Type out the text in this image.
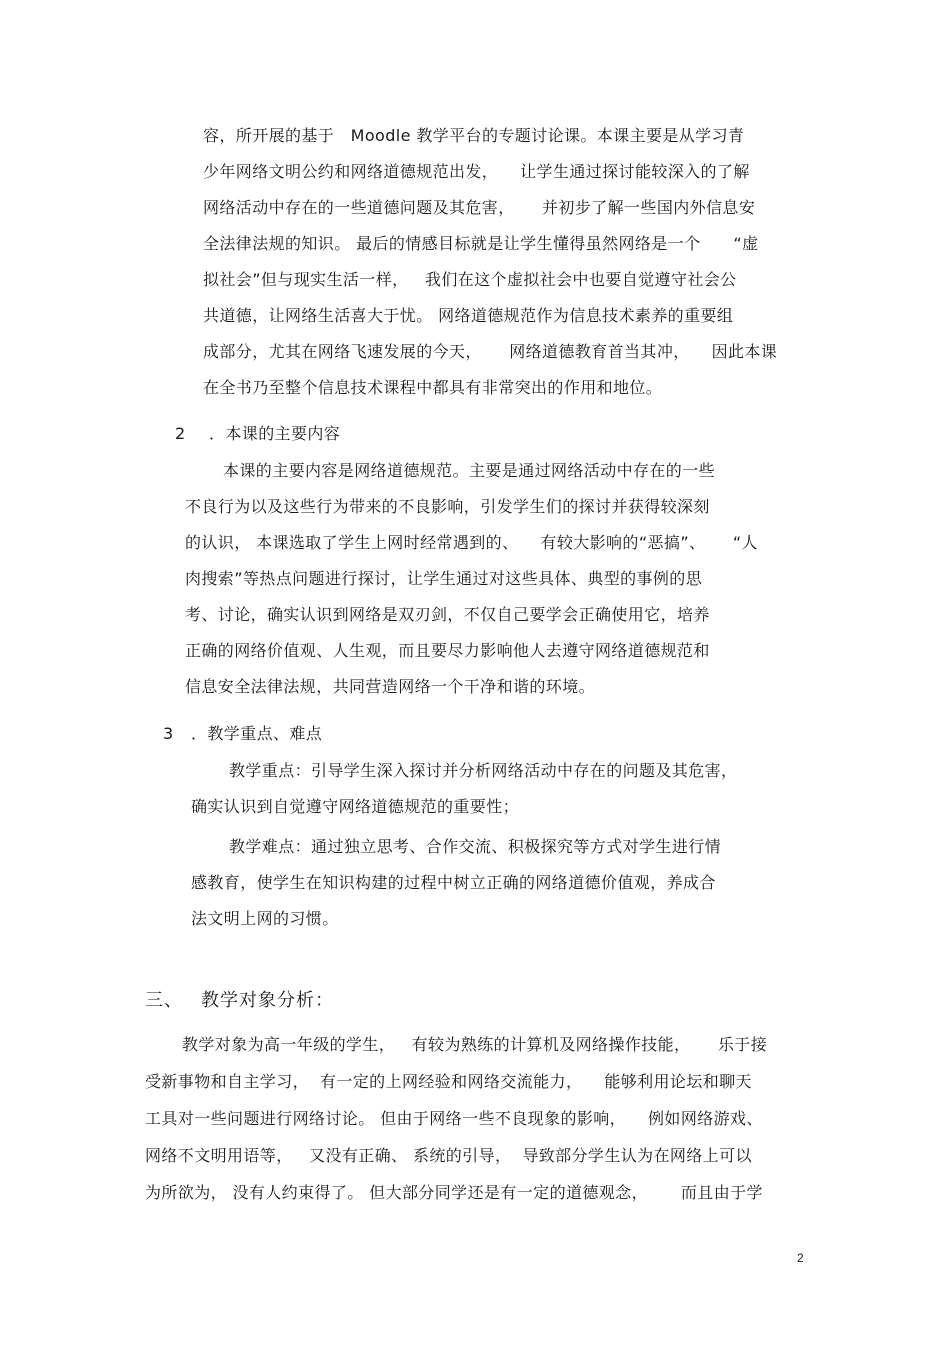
容，所开展的基于   Moodle 教学平台的专题讨论课。本课主要是从学习青
少年网络文明公约和网络道德规范出发，    让学生通过探讨能较深入的了解
网络活动中存在的一些道德问题及其危害，     并初步了解一些国内外信息安
全法律法规的知识。 最后的情感目标就是让学生懂得虽然网络是一个      “虚
拟社会”但与现实生活一样，   我们在这个虚拟社会中也要自觉遵守社会公
共道德，让网络生活喜大于忧。 网络道德规范作为信息技术素养的重要组
成部分，尤其在网络飞速发展的今天，     网络道德教育首当其冲，    因此本课
在全书乃至整个信息技术课程中都具有非常突出的作用和地位。
2 ．本课的主要内容
本课的主要内容是网络道德规范。主要是通过网络活动中存在的一些
不良行为以及这些行为带来的不良影响，引发学生们的探讨并获得较深刻
的认识， 本课选取了学生上网时经常遇到的、    有较大影响的“恶搞”、     “人
肉搜索”等热点问题进行探讨，让学生通过对这些具体、典型的事例的思
考、讨论，确实认识到网络是双刃剑，不仅自己要学会正确使用它，培养
正确的网络价值观、人生观，而且要尽力影响他人去遵守网络道德规范和
信息安全法律法规，共同营造网络一个干净和谐的环境。
3 ．教学重点、难点
教学重点：引导学生深入探讨并分析网络活动中存在的问题及其危害，
确实认识到自觉遵守网络道德规范的重要性；
教学难点：通过独立思考、合作交流、积极探究等方式对学生进行情
感教育，使学生在知识构建的过程中树立正确的网络道德价值观，养成合
法文明上网的习惯。
三、 教学对象分析：
教学对象为高一年级的学生，   有较为熟练的计算机及网络操作技能，     乐于接
受新事物和自主学习，  有一定的上网经验和网络交流能力，    能够利用论坛和聊天
工具对一些问题进行网络讨论。 但由于网络一些不良现象的影响，    例如网络游戏、
网络不文明用语等，   又没有正确、 系统的引导，  导致部分学生认为在网络上可以
为所欲为， 没有人约束得了。 但大部分同学还是有一定的道德观念，      而且由于学
2
